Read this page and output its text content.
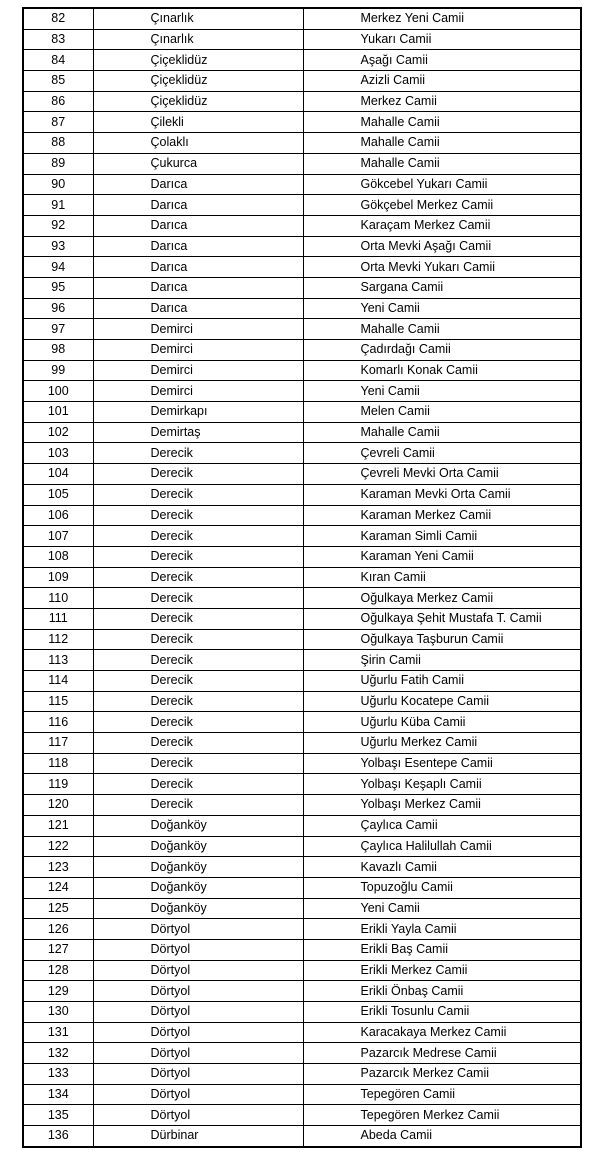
82	Çınarlık	Merkez Yeni Camii
83	Çınarlık	Yukarı Camii
84	Çiçeklidüz	Aşağı Camii
85	Çiçeklidüz	Azizli Camii
86	Çiçeklidüz	Merkez Camii
87	Çilekli	Mahalle Camii
88	Çolaklı	Mahalle Camii
89	Çukurca	Mahalle Camii
90	Darıca	Gökcebel Yukarı Camii
91	Darıca	Gökçebel Merkez Camii
92	Darıca	Karaçam Merkez Camii
93	Darıca	Orta Mevki Aşağı Camii
94	Darıca	Orta Mevki Yukarı Camii
95	Darıca	Sargana Camii
96	Darıca	Yeni Camii
97	Demirci	Mahalle Camii
98	Demirci	Çadırdağı Camii
99	Demirci	Komarlı Konak Camii
100	Demirci	Yeni Camii
101	Demirkapı	Melen Camii
102	Demirtaş	Mahalle Camii
103	Derecik	Çevreli Camii
104	Derecik	Çevreli Mevki Orta Camii
105	Derecik	Karaman Mevki Orta Camii
106	Derecik	Karaman Merkez Camii
107	Derecik	Karaman Simli Camii
108	Derecik	Karaman Yeni Camii
109	Derecik	Kıran Camii
110	Derecik	Oğulkaya Merkez Camii
111	Derecik	Oğulkaya Şehit Mustafa T. Camii
112	Derecik	Oğulkaya Taşburun Camii
113	Derecik	Şirin Camii
114	Derecik	Uğurlu Fatih Camii
115	Derecik	Uğurlu Kocatepe Camii
116	Derecik	Uğurlu Küba Camii
117	Derecik	Uğurlu Merkez Camii
118	Derecik	Yolbaşı Esentepe Camii
119	Derecik	Yolbaşı Keşaplı Camii
120	Derecik	Yolbaşı Merkez Camii
121	Doğanköy	Çaylıca Camii
122	Doğanköy	Çaylıca Halilullah Camii
123	Doğanköy	Kavazlı Camii
124	Doğanköy	Topuzoğlu Camii
125	Doğanköy	Yeni Camii
126	Dörtyol	Erikli Yayla Camii
127	Dörtyol	Erikli Baş Camii
128	Dörtyol	Erikli Merkez Camii
129	Dörtyol	Erikli Önbaş Camii
130	Dörtyol	Erikli Tosunlu Camii
131	Dörtyol	Karacakaya Merkez Camii
132	Dörtyol	Pazarcık Medrese Camii
133	Dörtyol	Pazarcık Merkez Camii
134	Dörtyol	Tepegören Camii
135	Dörtyol	Tepegören Merkez Camii
136	Dürbinar	Abeda Camii
